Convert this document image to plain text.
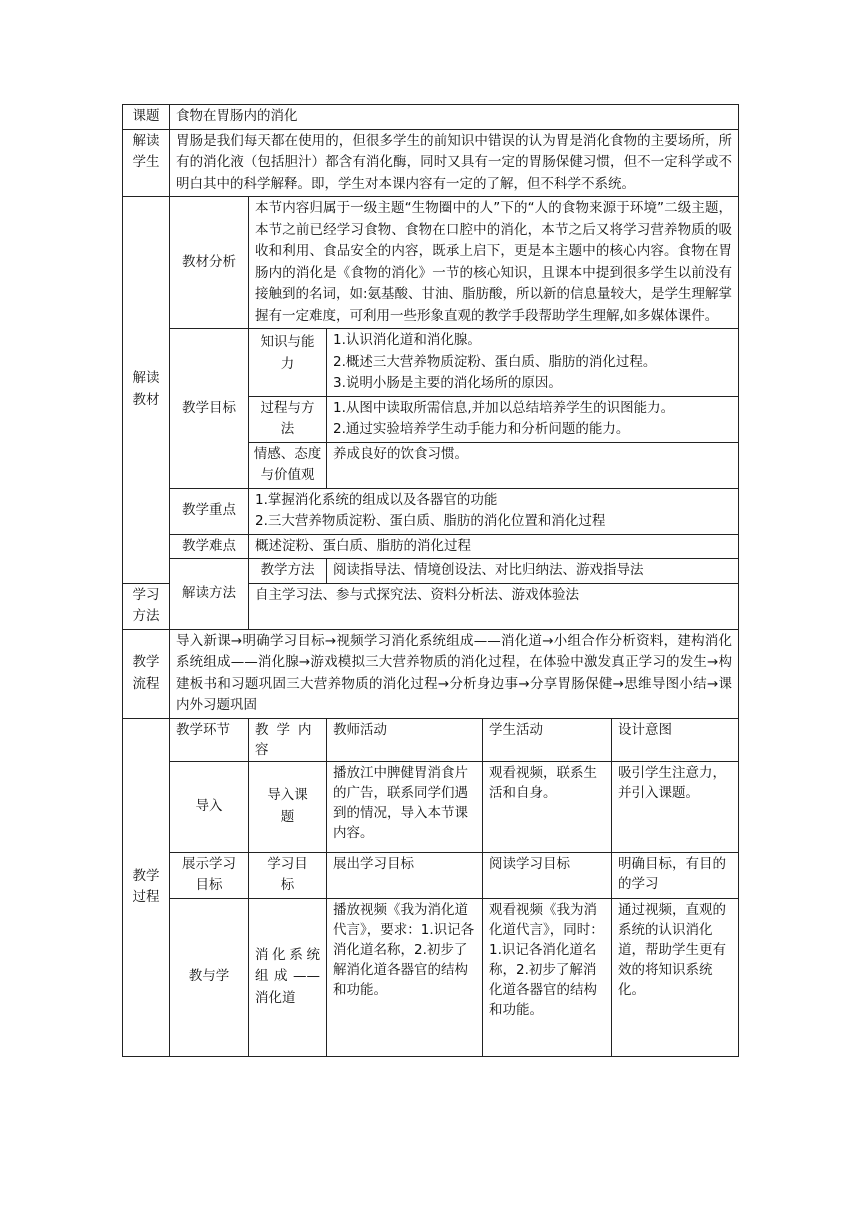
课题	食物在胃肠内的消化				
解读学生	胃肠是我们每天都在使用的，但很多学生的前知识中错误的认为胃是消化食物的主要场所，所有的消化液（包括胆汁）都含有消化酶，同时又具有一定的胃肠保健习惯，但不一定科学或不明白其中的科学解释。即，学生对本课内容有一定的了解，但不科学不系统。				
解读教材	教材分析	本节内容归属于一级主题“生物圈中的人”下的“人的食物来源于环境”二级主题，本节之前已经学习食物、食物在口腔中的消化，本节之后又将学习营养物质的吸收和利用、食品安全的内容，既承上启下，更是本主题中的核心内容。食物在胃肠内的消化是《食物的消化》一节的核心知识，且课本中提到很多学生以前没有接触到的名词，如:氨基酸、甘油、脂肪酸，所以新的信息量较大，是学生理解掌握有一定难度，可利用一些形象直观的教学手段帮助学生理解,如多媒体课件。			
	教学目标	知识与能力	1.认识消化道和消化腺。
2.概述三大营养物质淀粉、蛋白质、脂肪的消化过程。
3.说明小肠是主要的消化场所的原因。		

		过程与方法	1.从图中读取所需信息,并加以总结培养学生的识图能力。
2.通过实验培养学生动手能力和分析问题的能力。		

		情感、态度与价值观	养成良好的饮食习惯。		

	教学重点	1.掌握消化系统的组成以及各器官的功能
2.三大营养物质淀粉、蛋白质、脂肪的消化位置和消化过程			

	教学难点	概述淀粉、蛋白质、脂肪的消化过程			
	解读方法	教学方法	阅读指导法、情境创设法、对比归纳法、游戏指导法		
学习方法		自主学习法、参与式探究法、资料分析法、游戏体验法			
教学流程	导入新课→明确学习目标→视频学习消化系统组成——消化道→小组合作分析资料，建构消化系统组成——消化腺→游戏模拟三大营养物质的消化过程，在体验中激发真正学习的发生→构建板书和习题巩固三大营养物质的消化过程→分析身边事→分享胃肠保健→思维导图小结→课内外习题巩固				
教学过程	教学环节	教学内容	教师活动	学生活动	设计意图
	导入	导入课题	播放江中脾健胃消食片的广告，联系同学们遇到的情况，导入本节课内容。	观看视频，联系生活和自身。	吸引学生注意力，并引入课题。
	展示学习目标	学习目标	展出学习目标	阅读学习目标	明确目标，有目的的学习
	教与学	消化系统组成——消化道	播放视频《我为消化道代言》，要求：1.识记各消化道名称，2.初步了解消化道各器官的结构和功能。	观看视频《我为消化道代言》，同时：1.识记各消化道名称，2.初步了解消化道各器官的结构和功能。	通过视频，直观的系统的认识消化道，帮助学生更有效的将知识系统化。
